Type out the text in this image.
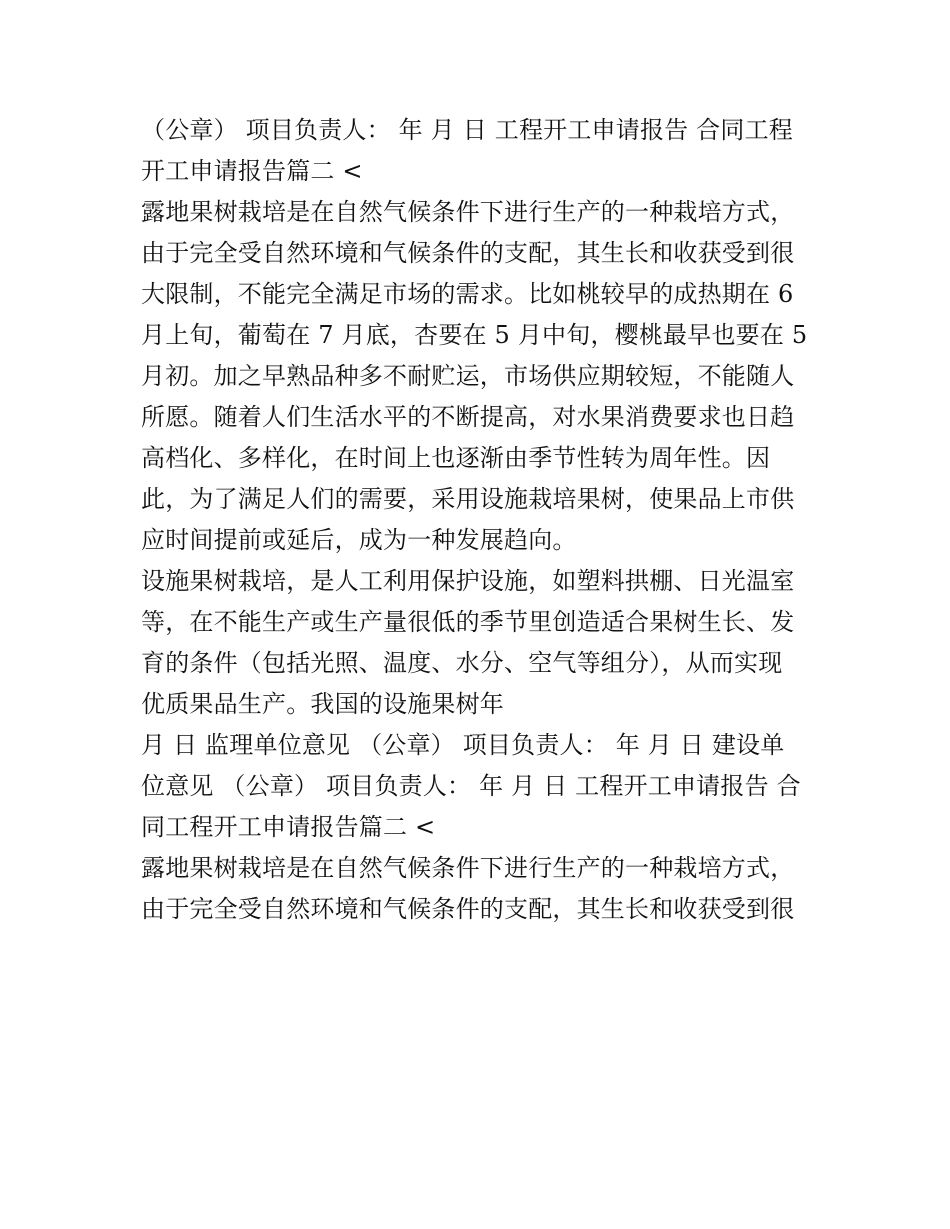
（公章） 项目负责人： 年 月 日 工程开工申请报告 合同工程
开工申请报告篇二 <

露地果树栽培是在自然气候条件下进行生产的一种栽培方式，
由于完全受自然环境和气候条件的支配，其生长和收获受到很
大限制，不能完全满足市场的需求。比如桃较早的成热期在 6
月上旬，葡萄在 7 月底，杏要在 5 月中旬，樱桃最早也要在 5
月初。加之早熟品种多不耐贮运，市场供应期较短，不能随人
所愿。随着人们生活水平的不断提高，对水果消费要求也日趋
高档化、多样化，在时间上也逐渐由季节性转为周年性。因
此，为了满足人们的需要，采用设施栽培果树，使果品上市供
应时间提前或延后，成为一种发展趋向。

设施果树栽培，是人工利用保护设施，如塑料拱棚、日光温室
等，在不能生产或生产量很低的季节里创造适合果树生长、发
育的条件（包括光照、温度、水分、空气等组分），从而实现
优质果品生产。我国的设施果树年

月 日 监理单位意见 （公章） 项目负责人： 年 月 日 建设单
位意见 （公章） 项目负责人： 年 月 日 工程开工申请报告 合
同工程开工申请报告篇二 <

露地果树栽培是在自然气候条件下进行生产的一种栽培方式，
由于完全受自然环境和气候条件的支配，其生长和收获受到很
